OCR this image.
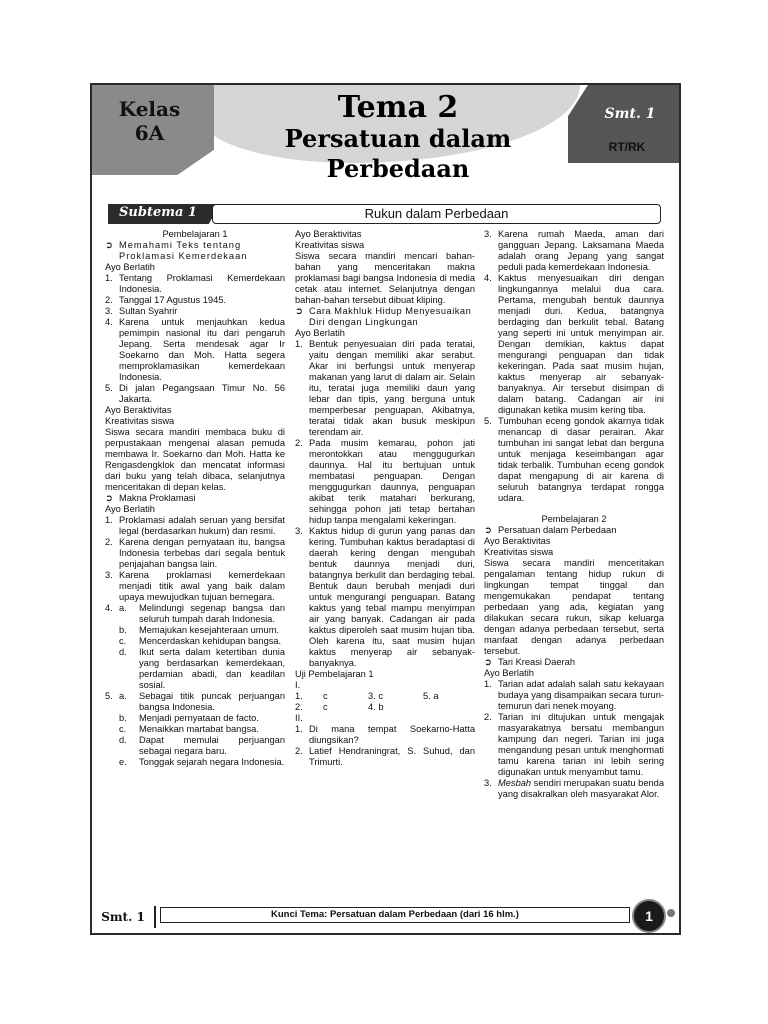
Kelas
6A
Tema 2
Persatuan dalam
Perbedaan
Smt. 1
RT/RK
Subtema 1	Rukun dalam Perbedaan

Pembelajaran 1

➲ Memahami Teks tentang Proklamasi Kemerdekaan

Ayo Berlatih

1. Tentang Proklamasi Kemerdekaan Indonesia.
2. Tanggal 17 Agustus 1945.
3. Sultan Syahrir
4. Karena untuk menjauhkan kedua pemimpin nasional itu dari pengaruh Jepang. Serta mendesak agar Ir Soekarno dan Moh. Hatta segera memproklamasikan kemerdekaan Indonesia.
5. Di jalan Pegangsaan Timur No. 56 Jakarta.

Ayo Beraktivitas

Kreativitas siswa

Siswa secara mandiri membaca buku di perpustakaan mengenai alasan pemuda membawa Ir. Soekarno dan Moh. Hatta ke Rengasdengklok dan mencatat informasi dari buku yang telah dibaca, selanjutnya menceritakan di depan kelas.

➲ Makna Proklamasi

Ayo Berlatih

1. Proklamasi adalah seruan yang bersifat legal (berdasarkan hukum) dan resmi.
2. Karena dengan pernyataan itu, bangsa Indonesia terbebas dari segala bentuk penjajahan bangsa lain.
3. Karena proklamasi kemerdekaan menjadi titik awal yang baik dalam upaya mewujudkan tujuan bernegara.
4. a.	Melindungi segenap bangsa dan seluruh tumpah darah Indonesia.
b.	Memajukan kesejahteraan umum.
c.	Mencerdaskan kehidupan bangsa.
d.	Ikut serta dalam ketertiban dunia yang berdasarkan kemerdekaan, perdamian abadi, dan keadilan sosial.
5. a.	Sebagai titik puncak perjuangan bangsa Indonesia.
b.	Menjadi pernyataan de facto.
c.	Menaikkan martabat bangsa.
d.	Dapat memulai perjuangan sebagai negara baru.
e.	Tonggak sejarah negara Indonesia.

Ayo Beraktivitas

Kreativitas siswa

Siswa secara mandiri mencari bahan-bahan yang menceritakan makna proklamasi bagi bangsa Indonesia di media cetak atau internet. Selanjutnya dengan bahan-bahan tersebut dibuat kliping.

➲ Cara Makhluk Hidup Menyesuaikan Diri dengan Lingkungan

Ayo Berlatih

1. Bentuk penyesuaian diri pada teratai, yaitu dengan memiliki akar serabut. Akar ini berfungsi untuk menyerap makanan yang larut di dalam air. Selain itu, teratai juga memiliki daun yang lebar dan tipis, yang berguna untuk memperbesar penguapan. Akibatnya, teratai tidak akan busuk meskipun terendam air.
2. Pada musim kemarau, pohon jati merontokkan atau menggugurkan daunnya. Hal itu bertujuan untuk membatasi penguapan. Dengan menggugurkan daunnya, penguapan akibat terik matahari berkurang, sehingga pohon jati tetap bertahan hidup tanpa mengalami kekeringan.
3. Kaktus hidup di gurun yang panas dan kering. Tumbuhan kaktus beradaptasi di daerah kering dengan mengubah bentuk daunnya menjadi duri, batangnya berkulit dan berdaging tebal. Bentuk daun berubah menjadi duri untuk mengurangi penguapan. Batang kaktus yang tebal mampu menyimpan air yang banyak. Cadangan air pada kaktus diperoleh saat musim hujan tiba. Oleh karena itu, saat musim hujan kaktus menyerap air sebanyak-banyaknya.

Uji Pembelajaran 1

I.

1.	c	3. c	5. a
2.	c	4. b

II.

1. Di mana tempat Soekarno-Hatta diungsikan?
2. Latief Hendraningrat, S. Suhud, dan Trimurti.
3. Karena rumah Maeda, aman dari gangguan Jepang. Laksamana Maeda adalah orang Jepang yang sangat peduli pada kemerdekaan Indonesia.
4. Kaktus menyesuaikan diri dengan lingkungannya melalui dua cara. Pertama, mengubah bentuk daunnya menjadi duri. Kedua, batangnya berdaging dan berkulit tebal. Batang yang seperti ini untuk menyimpan air. Dengan demikian, kaktus dapat mengurangi penguapan dan tidak kekeringan. Pada saat musim hujan, kaktus menyerap air sebanyak-banyaknya. Air tersebut disimpan di dalam batang. Cadangan air ini digunakan ketika musim kering tiba.
5. Tumbuhan eceng gondok akarnya tidak menancap di dasar perairan. Akar tumbuhan ini sangat lebat dan berguna untuk menjaga keseimbangan agar tidak terbalik. Tumbuhan eceng gondok dapat mengapung di air karena di seluruh batangnya terdapat rongga udara.

Pembelajaran 2

➲ Persatuan dalam Perbedaan

Ayo Beraktivitas

Kreativitas siswa

Siswa secara mandiri menceritakan pengalaman tentang hidup rukun di lingkungan tempat tinggal dan mengemukakan pendapat tentang perbedaan yang ada, kegiatan yang dilakukan secara rukun, sikap keluarga dengan adanya perbedaan tersebut, serta manfaat dengan adanya perbedaan tersebut.

➲ Tari Kreasi Daerah

Ayo Berlatih

1. Tarian adat adalah salah satu kekayaan budaya yang disampaikan secara turun-temurun dari nenek moyang.
2. Tarian ini ditujukan untuk mengajak masyarakatnya bersatu membangun kampung dan negeri. Tarian ini juga mengandung pesan untuk menghormati tamu karena tarian ini lebih sering digunakan untuk menyambut tamu.
3. Mesbah sendiri merupakan suatu benda yang disakralkan oleh masyarakat Alor.
Smt. 1	Kunci Tema: Persatuan dalam Perbedaan (dari 16 hlm.)	1
